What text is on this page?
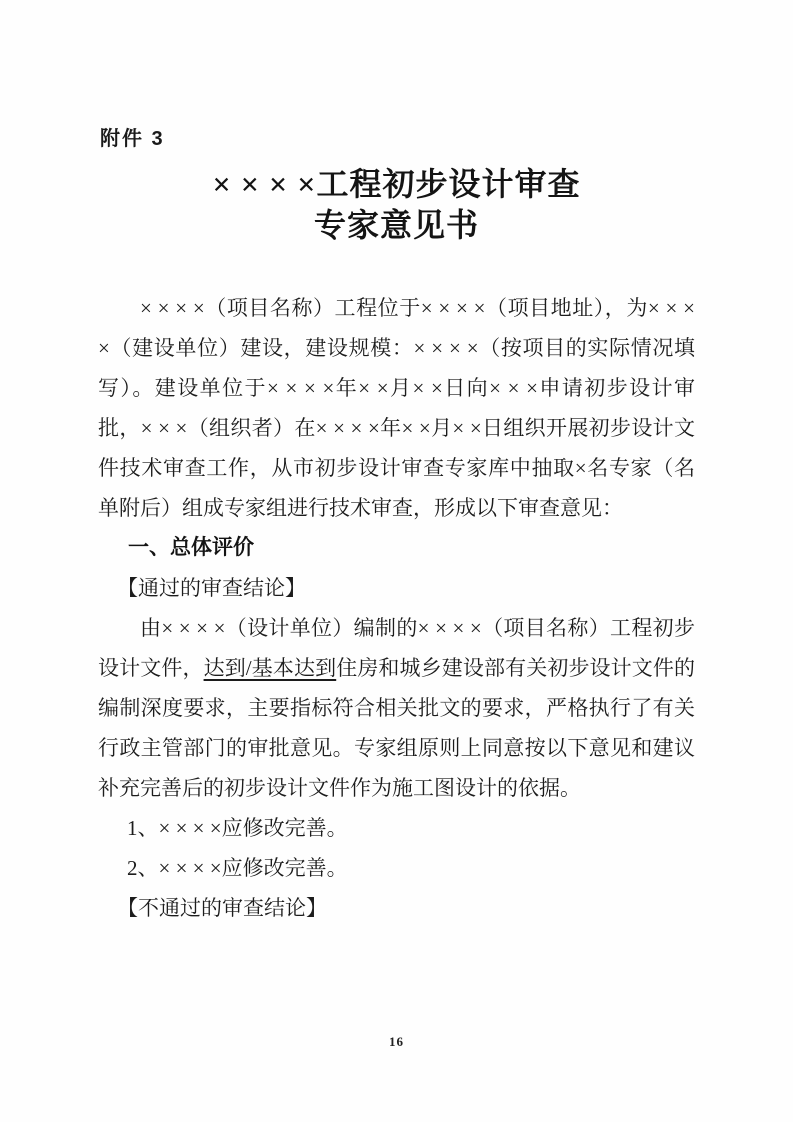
附件 3
× × × ×工程初步设计审查
专家意见书

× × × ×（项目名称）工程位于× × × ×（项目地址），为× × × ×（建设单位）建设，建设规模：× × × ×（按项目的实际情况填写）。建设单位于× × × ×年× ×月× ×日向× × ×申请初步设计审批，× × ×（组织者）在× × × ×年× ×月× ×日组织开展初步设计文件技术审查工作，从市初步设计审查专家库中抽取×名专家（名单附后）组成专家组进行技术审查，形成以下审查意见：

一、总体评价

【通过的审查结论】

由× × × ×（设计单位）编制的× × × ×（项目名称）工程初步设计文件，达到/基本达到住房和城乡建设部有关初步设计文件的编制深度要求，主要指标符合相关批文的要求，严格执行了有关行政主管部门的审批意见。专家组原则上同意按以下意见和建议补充完善后的初步设计文件作为施工图设计的依据。

1、× × × ×应修改完善。

2、× × × ×应修改完善。

【不通过的审查结论】

16
